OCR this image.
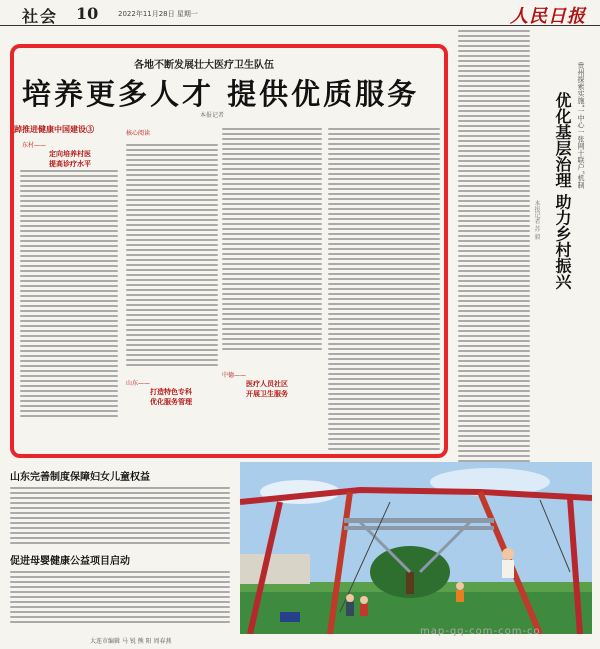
社会 10	2022年11月28日 星期一	人民日报
各地不断发展壮大医疗卫生队伍
培养更多人才 提供优质服务
本报记者
踔推进健康中国建设③
东村——
定向培养村医
提高诊疗水平
核心阅读
山东——
打造特色专科
优化服务管理
中德——
医疗人员社区
开展卫生服务
贵州探索实施“一中心一张网十联户”机制
优化基层治理 助力乡村振兴
本报记者 苏 毅
山东完善制度保障妇女儿童权益
促进母婴健康公益项目启动
大连市编辑 马 锐 熊 阳 周春燕
map-qq-com-com-co
